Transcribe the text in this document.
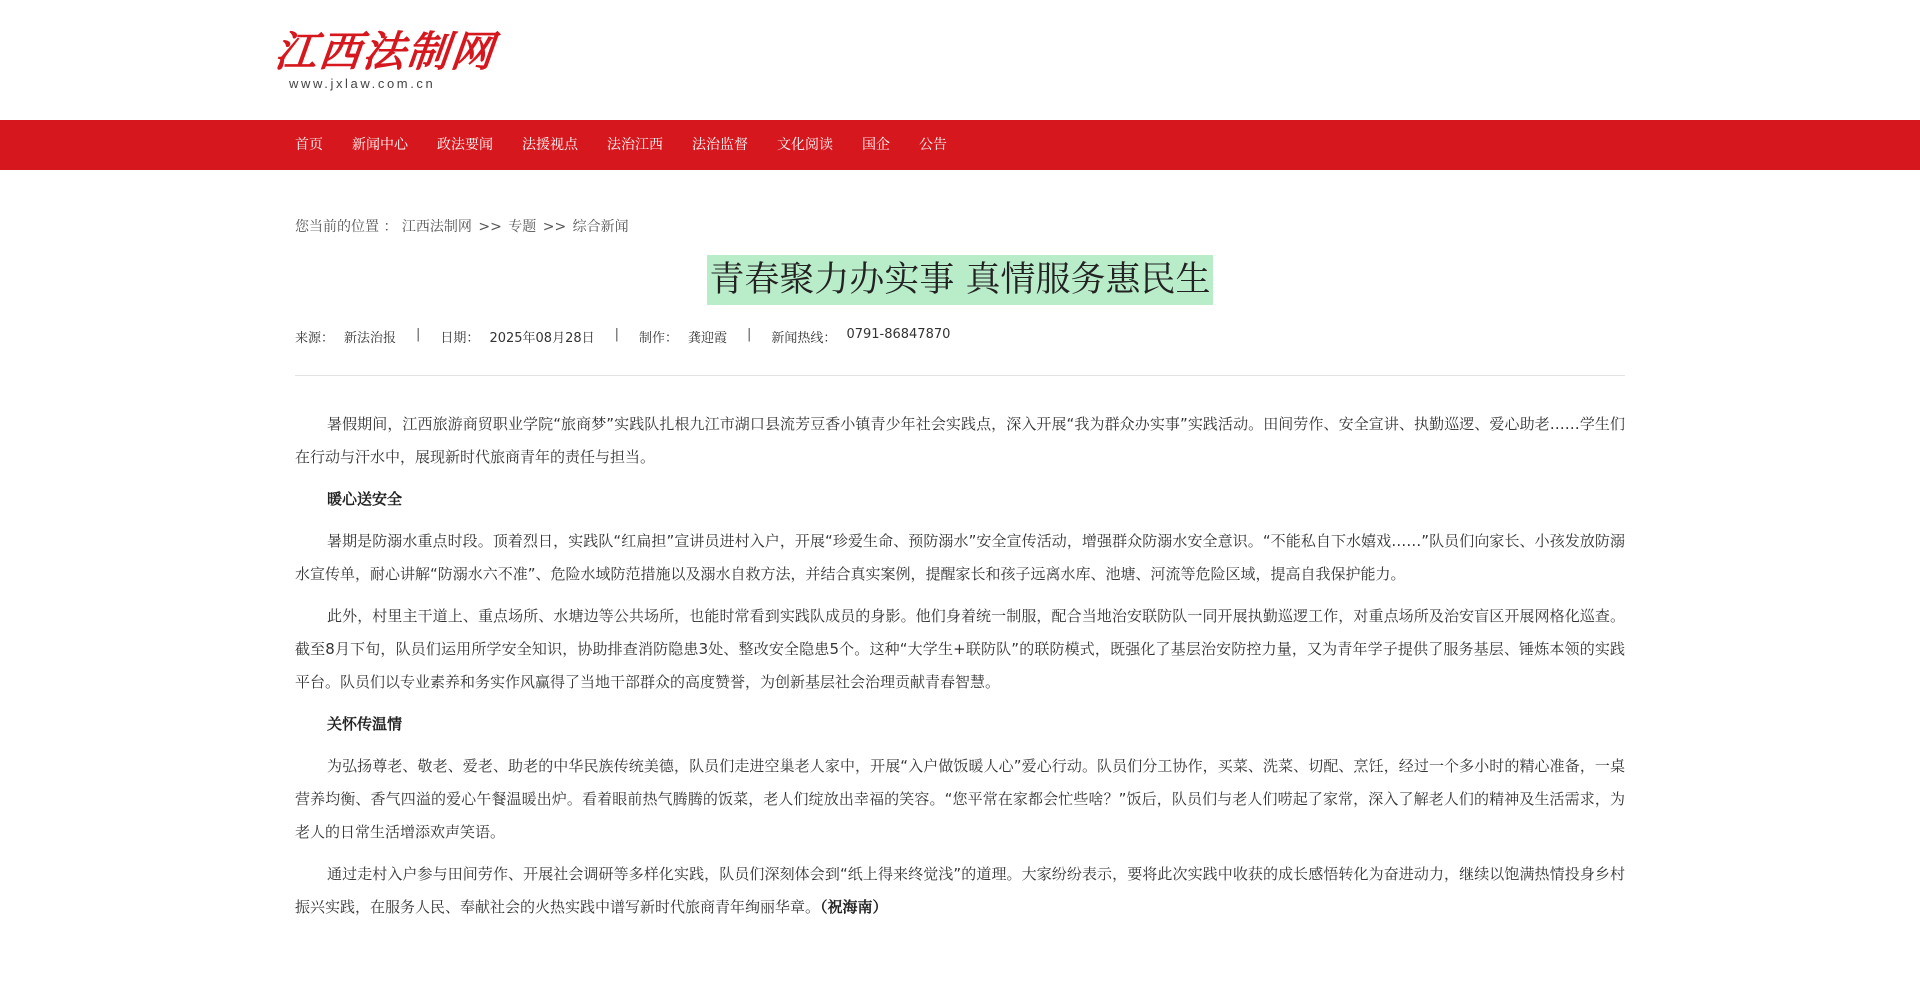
江西法制网
www.jxlaw.com.cn
首页 新闻中心 政法要闻 法援视点 法治江西 法治监督 文化阅读 国企 公告
您当前的位置 ： 江西法制网 >> 专题 >> 综合新闻
青春聚力办实事 真情服务惠民生
来源： 新法治报 | 日期： 2025年08月28日 | 制作： 龚迎霞 | 新闻热线： 0791-86847870

暑假期间，江西旅游商贸职业学院“旅商梦”实践队扎根九江市湖口县流芳豆香小镇青少年社会实践点，深入开展“我为群众办实事”实践活动。田间劳作、安全宣讲、执勤巡逻、爱心助老……学生们在行动与汗水中，展现新时代旅商青年的责任与担当。

暖心送安全

暑期是防溺水重点时段。顶着烈日，实践队“红扁担”宣讲员进村入户，开展“珍爱生命、预防溺水”安全宣传活动，增强群众防溺水安全意识。“不能私自下水嬉戏……”队员们向家长、小孩发放防溺水宣传单，耐心讲解“防溺水六不准”、危险水域防范措施以及溺水自救方法，并结合真实案例，提醒家长和孩子远离水库、池塘、河流等危险区域，提高自我保护能力。

此外，村里主干道上、重点场所、水塘边等公共场所，也能时常看到实践队成员的身影。他们身着统一制服，配合当地治安联防队一同开展执勤巡逻工作，对重点场所及治安盲区开展网格化巡查。截至8月下旬，队员们运用所学安全知识，协助排查消防隐患3处、整改安全隐患5个。这种“大学生+联防队”的联防模式，既强化了基层治安防控力量，又为青年学子提供了服务基层、锤炼本领的实践平台。队员们以专业素养和务实作风赢得了当地干部群众的高度赞誉，为创新基层社会治理贡献青春智慧。

关怀传温情

为弘扬尊老、敬老、爱老、助老的中华民族传统美德，队员们走进空巢老人家中，开展“入户做饭暖人心”爱心行动。队员们分工协作，买菜、洗菜、切配、烹饪，经过一个多小时的精心准备，一桌营养均衡、香气四溢的爱心午餐温暖出炉。看着眼前热气腾腾的饭菜，老人们绽放出幸福的笑容。“您平常在家都会忙些啥？”饭后，队员们与老人们唠起了家常，深入了解老人们的精神及生活需求，为老人的日常生活增添欢声笑语。

通过走村入户参与田间劳作、开展社会调研等多样化实践，队员们深刻体会到“纸上得来终觉浅”的道理。大家纷纷表示，要将此次实践中收获的成长感悟转化为奋进动力，继续以饱满热情投身乡村振兴实践，在服务人民、奉献社会的火热实践中谱写新时代旅商青年绚丽华章。（祝海南）
